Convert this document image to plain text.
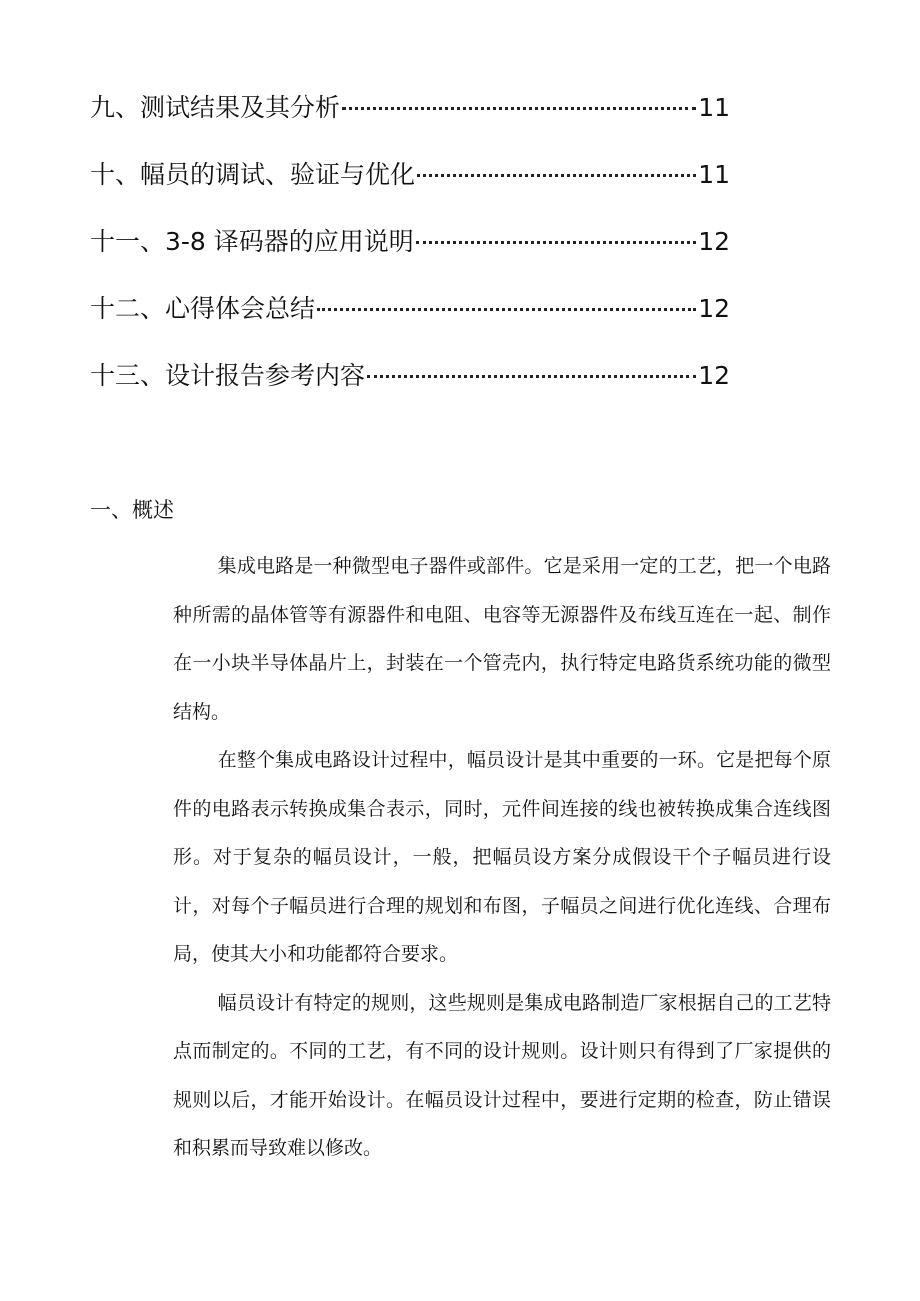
九、测试结果及其分析	11
十、幅员的调试、验证与优化	11
十一、3-8 译码器的应用说明	12
十二、心得体会总结	12
十三、设计报告参考内容	12
一、概述

集成电路是一种微型电子器件或部件。它是采用一定的工艺，把一个电路种所需的晶体管等有源器件和电阻、电容等无源器件及布线互连在一起、制作在一小块半导体晶片上，封装在一个管壳内，执行特定电路货系统功能的微型结构。

在整个集成电路设计过程中，幅员设计是其中重要的一环。它是把每个原件的电路表示转换成集合表示，同时，元件间连接的线也被转换成集合连线图形。对于复杂的幅员设计，一般，把幅员设方案分成假设干个子幅员进行设计，对每个子幅员进行合理的规划和布图，子幅员之间进行优化连线、合理布局，使其大小和功能都符合要求。

幅员设计有特定的规则，这些规则是集成电路制造厂家根据自己的工艺特点而制定的。不同的工艺，有不同的设计规则。设计则只有得到了厂家提供的规则以后，才能开始设计。在幅员设计过程中，要进行定期的检查，防止错误和积累而导致难以修改。
